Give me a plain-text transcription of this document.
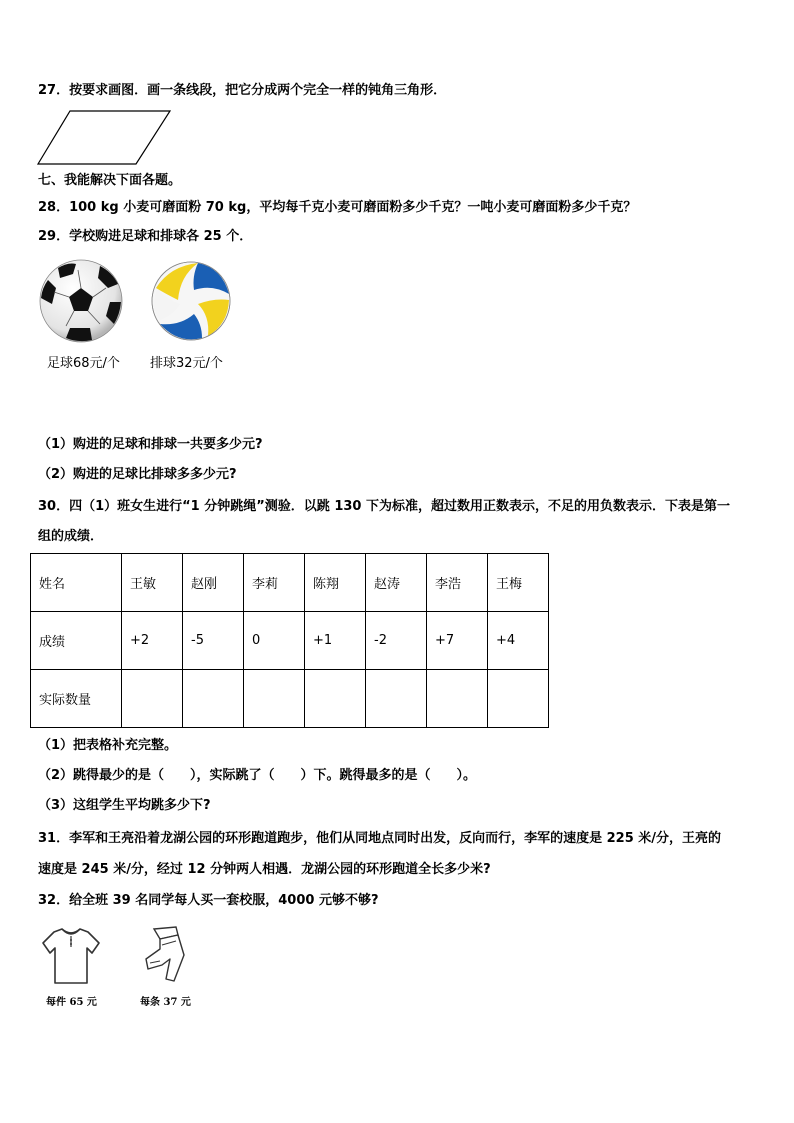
27．按要求画图．画一条线段，把它分成两个完全一样的钝角三角形．
七、我能解决下面各题。
28．100 kg 小麦可磨面粉 70 kg，平均每千克小麦可磨面粉多少千克？一吨小麦可磨面粉多少千克？
29．学校购进足球和排球各 25 个．
足球68元/个 排球32元/个
（1）购进的足球和排球一共要多少元?
（2）购进的足球比排球多多少元?
30．四（1）班女生进行“1 分钟跳绳”测验．以跳 130 下为标准，超过数用正数表示，不足的用负数表示．下表是第一
组的成绩．
姓名	王敏	赵刚	李莉	陈翔	赵涛	李浩	王梅
成绩	+2	-5	0	+1	-2	+7	+4
实际数量							
（1）把表格补充完整。
（2）跳得最少的是（　　），实际跳了（　　）下。跳得最多的是（　　）。
（3）这组学生平均跳多少下?
31．李军和王亮沿着龙湖公园的环形跑道跑步，他们从同地点同时出发，反向而行，李军的速度是 225 米/分，王亮的
速度是 245 米/分，经过 12 分钟两人相遇．龙湖公园的环形跑道全长多少米?
32．给全班 39 名同学每人买一套校服，4000 元够不够?
每件 65 元	每条 37 元
